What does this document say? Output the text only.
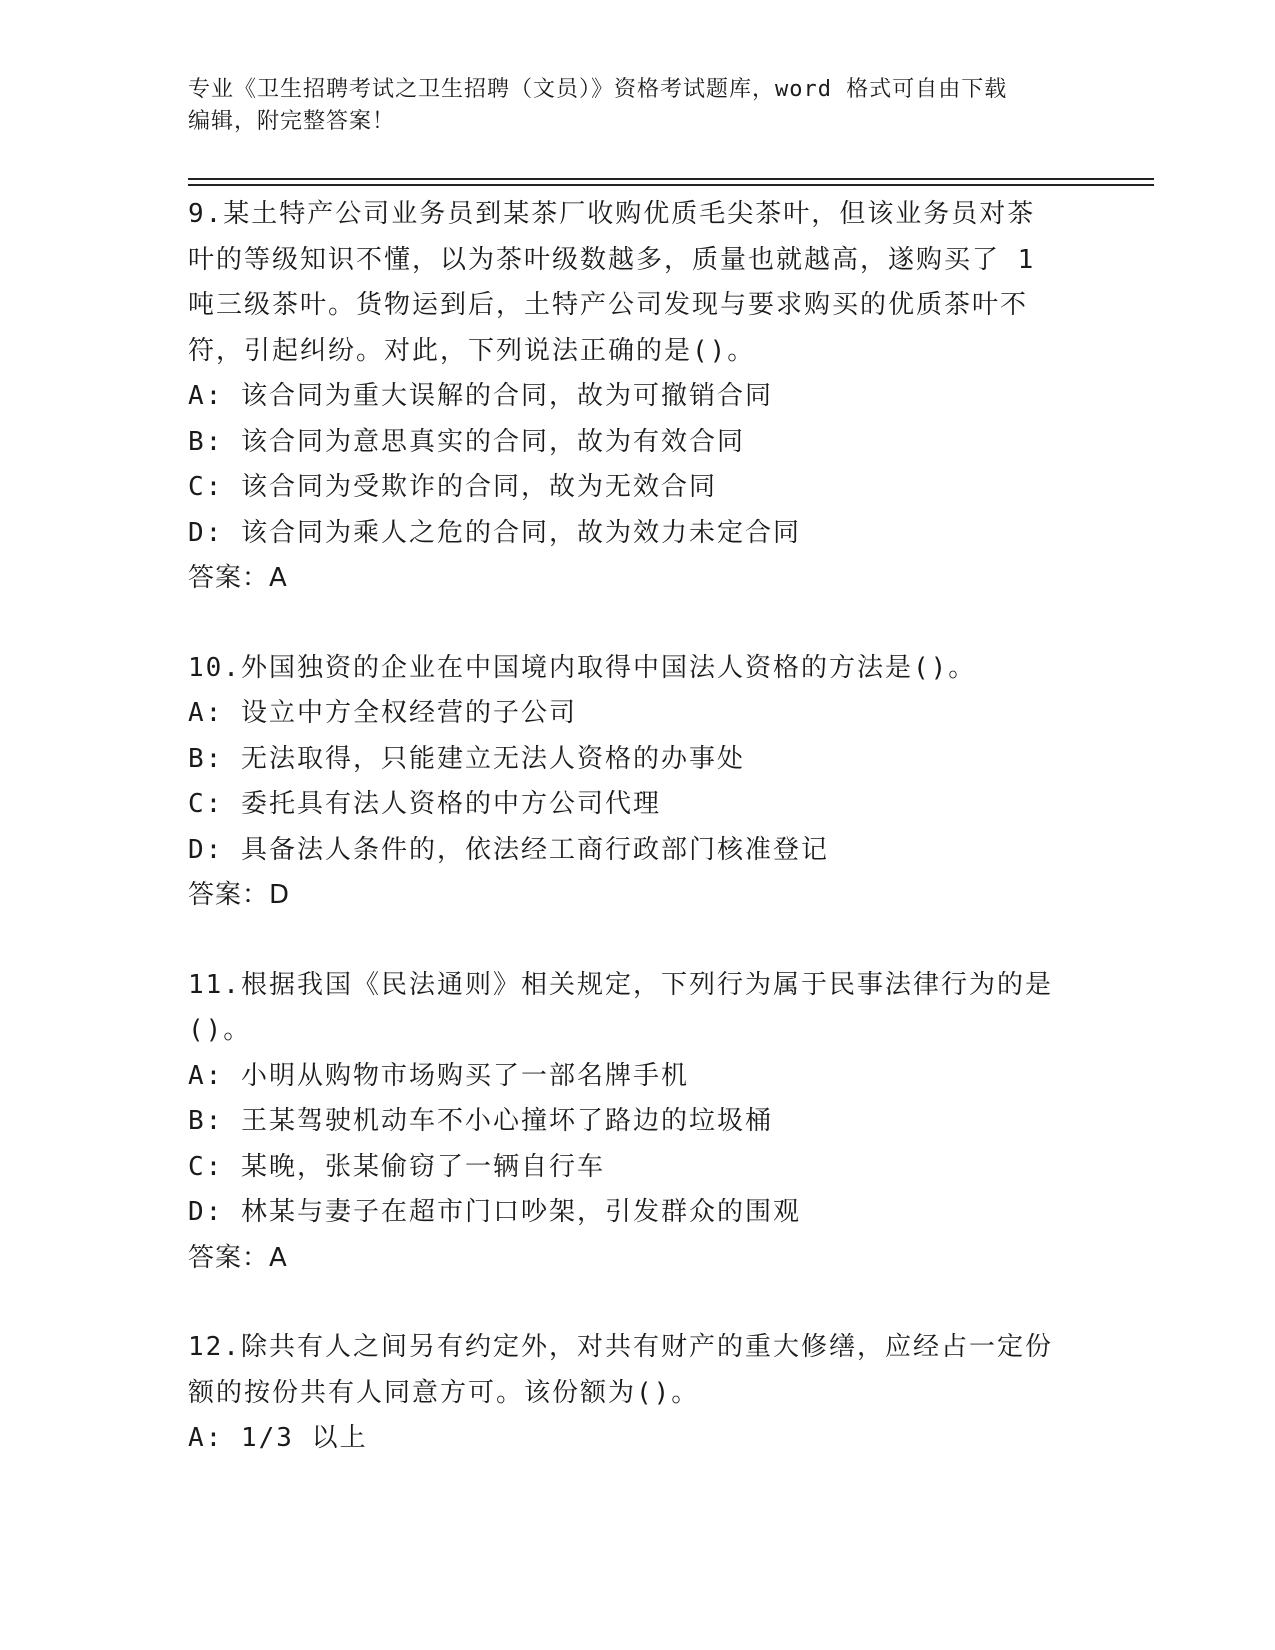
专业《卫生招聘考试之卫生招聘（文员）》资格考试题库，word 格式可自由下载
编辑，附完整答案！

9.某土特产公司业务员到某茶厂收购优质毛尖茶叶，但该业务员对茶

叶的等级知识不懂，以为茶叶级数越多，质量也就越高，遂购买了 1

吨三级茶叶。货物运到后，土特产公司发现与要求购买的优质茶叶不

符，引起纠纷。对此，下列说法正确的是()。

A: 该合同为重大误解的合同，故为可撤销合同

B: 该合同为意思真实的合同，故为有效合同

C: 该合同为受欺诈的合同，故为无效合同

D: 该合同为乘人之危的合同，故为效力未定合同

答案：A

10.外国独资的企业在中国境内取得中国法人资格的方法是()。

A: 设立中方全权经营的子公司

B: 无法取得，只能建立无法人资格的办事处

C: 委托具有法人资格的中方公司代理

D: 具备法人条件的，依法经工商行政部门核准登记

答案：D

11.根据我国《民法通则》相关规定，下列行为属于民事法律行为的是

()。

A: 小明从购物市场购买了一部名牌手机

B: 王某驾驶机动车不小心撞坏了路边的垃圾桶

C: 某晚，张某偷窃了一辆自行车

D: 林某与妻子在超市门口吵架，引发群众的围观

答案：A

12.除共有人之间另有约定外，对共有财产的重大修缮，应经占一定份

额的按份共有人同意方可。该份额为()。

A: 1/3 以上
